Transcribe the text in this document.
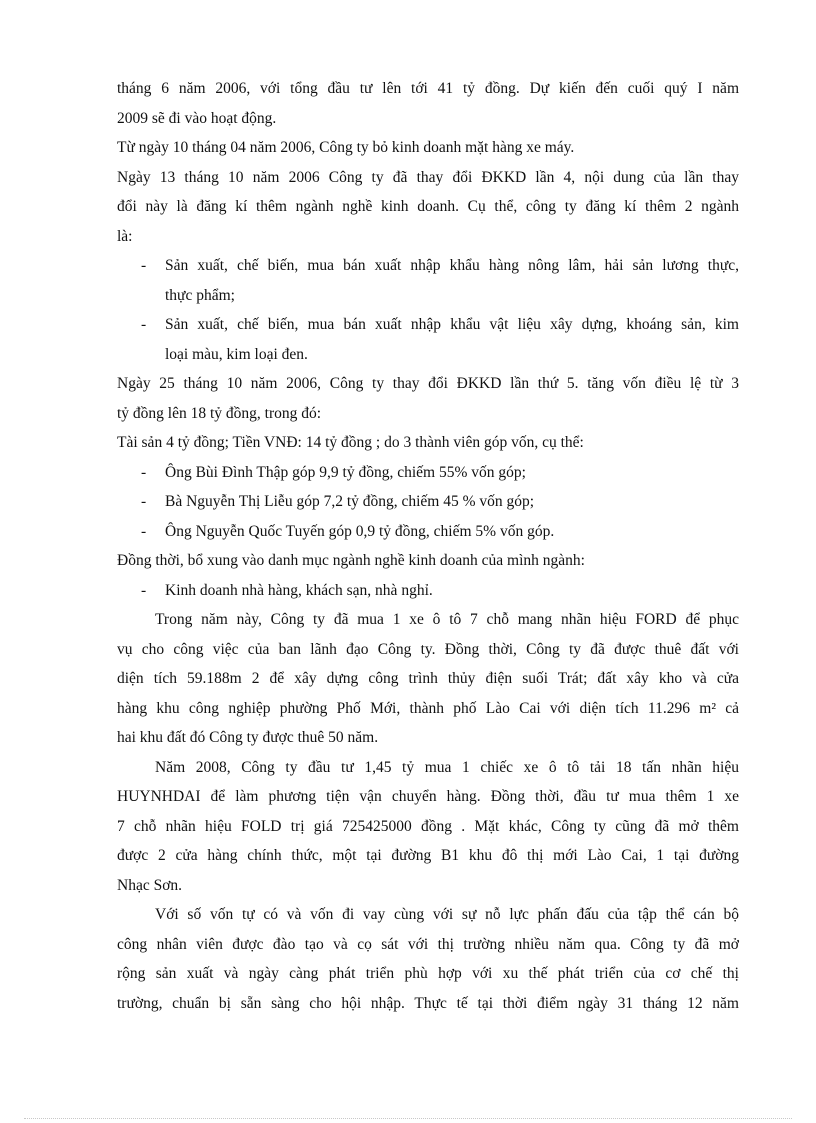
tháng 6 năm 2006, với tổng đầu tư lên tới 41 tỷ đồng. Dự kiến đến cuối quý I năm

2009 sẽ đi vào hoạt động.

Từ ngày 10 tháng 04 năm 2006, Công ty bỏ kinh doanh mặt hàng xe máy.

Ngày 13 tháng 10 năm 2006 Công ty đã thay đổi ĐKKD lần 4, nội dung của lần thay

đổi này là đăng kí thêm ngành nghề kinh doanh. Cụ thể, công ty đăng kí thêm 2 ngành

là:

- Sản xuất, chế biến, mua bán xuất nhập khẩu hàng nông lâm, hải sản lương thực,

thực phẩm;

- Sản xuất, chế biến, mua bán xuất nhập khẩu vật liệu xây dựng, khoáng sản, kim

loại màu, kim loại đen.

Ngày 25 tháng 10 năm 2006, Công ty thay đổi ĐKKD lần thứ 5. tăng vốn điều lệ từ 3

tỷ đồng lên 18 tỷ đồng, trong đó:

Tài sản 4 tỷ đồng; Tiền VNĐ: 14 tỷ đồng ; do 3 thành viên góp vốn, cụ thể:

- Ông Bùi Đình Thập góp 9,9 tỷ đồng, chiếm 55% vốn góp;
- Bà Nguyễn Thị Liễu góp 7,2 tỷ đồng, chiếm 45 % vốn góp;
- Ông Nguyễn Quốc Tuyến góp 0,9 tỷ đồng, chiếm 5% vốn góp.

Đồng thời, bổ xung vào danh mục ngành nghề kinh doanh của mình ngành:

- Kinh doanh nhà hàng, khách sạn, nhà nghỉ.

Trong năm này, Công ty đã mua 1 xe ô tô 7 chỗ mang nhãn hiệu FORD để phục

vụ cho công việc của ban lãnh đạo Công ty. Đồng thời, Công ty đã được thuê đất với

diện tích 59.188m 2 để xây dựng công trình thủy điện suối Trát; đất xây kho và cửa

hàng khu công nghiệp phường Phố Mới, thành phố Lào Cai với diện tích 11.296 m² cả

hai khu đất đó Công ty được thuê 50 năm.

Năm 2008, Công ty đầu tư 1,45 tỷ mua 1 chiếc xe ô tô tải 18 tấn nhãn hiệu

HUYNHDAI để làm phương tiện vận chuyển hàng. Đồng thời, đầu tư mua thêm 1 xe

7 chỗ nhãn hiệu FOLD trị giá 725425000 đồng . Mặt khác, Công ty cũng đã mở thêm

được 2 cửa hàng chính thức, một tại đường B1 khu đô thị mới Lào Cai, 1 tại đường

Nhạc Sơn.

Với số vốn tự có và vốn đi vay cùng với sự nỗ lực phấn đấu của tập thể cán bộ

công nhân viên được đào tạo và cọ sát với thị trường nhiều năm qua. Công ty đã mở

rộng sản xuất và ngày càng phát triển phù hợp với xu thế phát triển của cơ chế thị

trường, chuẩn bị sẵn sàng cho hội nhập. Thực tế tại thời điểm ngày 31 tháng 12 năm
